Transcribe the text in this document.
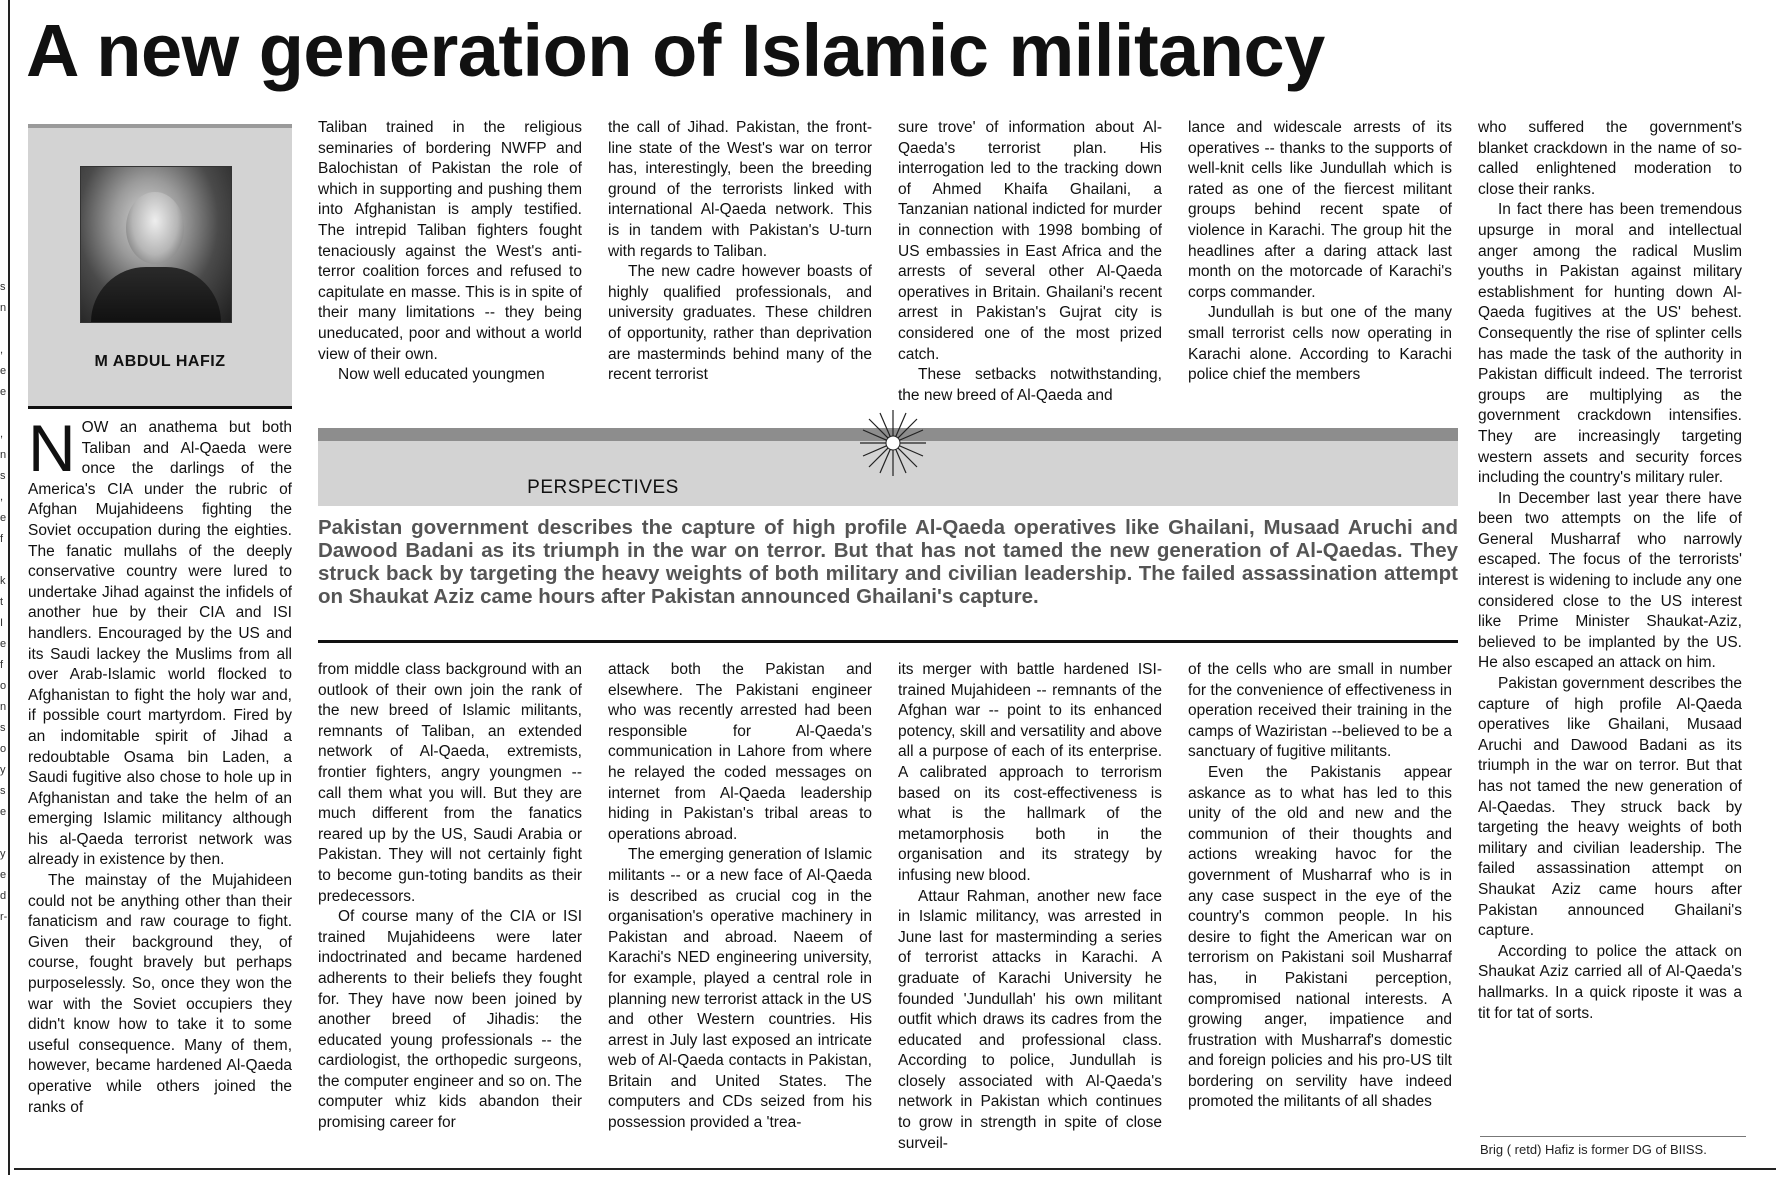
s
n
,
e
e
,
n
s
,
e
f
k
t
I
e
f
o
n
s
o
y
s
e
y
e
d
r-
A new generation of Islamic militancy
M ABDUL HAFIZ

NOW an anathema but both Taliban and Al-Qaeda were once the darlings of the America's CIA under the rubric of Afghan Mujahideens fighting the Soviet occupation during the eighties. The fanatic mullahs of the deeply conservative country were lured to undertake Jihad against the infidels of another hue by their CIA and ISI handlers. Encouraged by the US and its Saudi lackey the Muslims from all over Arab-Islamic world flocked to Afghanistan to fight the holy war and, if possible court martyrdom. Fired by an indomitable spirit of Jihad a redoubtable Osama bin Laden, a Saudi fugitive also chose to hole up in Afghanistan and take the helm of an emerging Islamic militancy although his al-Qaeda terrorist network was already in existence by then.

The mainstay of the Mujahideen could not be anything other than their fanaticism and raw courage to fight. Given their background they, of course, fought bravely but perhaps purposelessly. So, once they won the war with the Soviet occupiers they didn't know how to take it to some useful consequence. Many of them, however, became hardened Al-Qaeda operative while others joined the ranks of

Taliban trained in the religious seminaries of bordering NWFP and Balochistan of Pakistan the role of which in supporting and pushing them into Afghanistan is amply testified. The intrepid Taliban fighters fought tenaciously against the West's anti-terror coalition forces and refused to capitulate en masse. This is in spite of their many limitations -- they being uneducated, poor and without a world view of their own.

Now well educated youngmen

the call of Jihad. Pakistan, the front-line state of the West's war on terror has, interestingly, been the breeding ground of the terrorists linked with international Al-Qaeda network. This is in tandem with Pakistan's U-turn with regards to Taliban.

The new cadre however boasts of highly qualified professionals, and university graduates. These children of opportunity, rather than deprivation are masterminds behind many of the recent terrorist

sure trove' of information about Al-Qaeda's terrorist plan. His interrogation led to the tracking down of Ahmed Khaifa Ghailani, a Tanzanian national indicted for murder in connection with 1998 bombing of US embassies in East Africa and the arrests of several other Al-Qaeda operatives in Britain. Ghailani's recent arrest in Pakistan's Gujrat city is considered one of the most prized catch.

These setbacks notwithstanding, the new breed of Al-Qaeda and

lance and widescale arrests of its operatives -- thanks to the supports of well-knit cells like Jundullah which is rated as one of the fiercest militant groups behind recent spate of violence in Karachi. The group hit the headlines after a daring attack last month on the motorcade of Karachi's corps commander.

Jundullah is but one of the many small terrorist cells now operating in Karachi alone. According to Karachi police chief the members

who suffered the government's blanket crackdown in the name of so-called enlightened moderation to close their ranks.

In fact there has been tremendous upsurge in moral and intellectual anger among the radical Muslim youths in Pakistan against military establishment for hunting down Al-Qaeda fugitives at the US' behest. Consequently the rise of splinter cells has made the task of the authority in Pakistan difficult indeed. The terrorist groups are multiplying as the government crackdown intensifies. They are increasingly targeting western assets and security forces including the country's military ruler.

In December last year there have been two attempts on the life of General Musharraf who narrowly escaped. The focus of the terrorists' interest is widening to include any one considered close to the US interest like Prime Minister Shaukat-Aziz, believed to be implanted by the US. He also escaped an attack on him.

Pakistan government describes the capture of high profile Al-Qaeda operatives like Ghailani, Musaad Aruchi and Dawood Badani as its triumph in the war on terror. But that has not tamed the new generation of Al-Qaedas. They struck back by targeting the heavy weights of both military and civilian leadership. The failed assassination attempt on Shaukat Aziz came hours after Pakistan announced Ghailani's capture.

According to police the attack on Shaukat Aziz carried all of Al-Qaeda's hallmarks. In a quick riposte it was a tit for tat of sorts.

PERSPECTIVES

Pakistan government describes the capture of high profile Al-Qaeda operatives like Ghailani, Musaad Aruchi and Dawood Badani as its triumph in the war on terror. But that has not tamed the new generation of Al-Qaedas. They struck back by targeting the heavy weights of both military and civilian leadership. The failed assassination attempt on Shaukat Aziz came hours after Pakistan announced Ghailani's capture.

from middle class background with an outlook of their own join the rank of the new breed of Islamic militants, remnants of Taliban, an extended network of Al-Qaeda, extremists, frontier fighters, angry youngmen -- call them what you will. But they are much different from the fanatics reared up by the US, Saudi Arabia or Pakistan. They will not certainly fight to become gun-toting bandits as their predecessors.

Of course many of the CIA or ISI trained Mujahideens were later indoctrinated and became hardened adherents to their beliefs they fought for. They have now been joined by another breed of Jihadis: the educated young professionals -- the cardiologist, the orthopedic surgeons, the computer engineer and so on. The computer whiz kids abandon their promising career for

attack both the Pakistan and elsewhere. The Pakistani engineer who was recently arrested had been responsible for Al-Qaeda's communication in Lahore from where he relayed the coded messages on internet from Al-Qaeda leadership hiding in Pakistan's tribal areas to operations abroad.

The emerging generation of Islamic militants -- or a new face of Al-Qaeda is described as crucial cog in the organisation's operative machinery in Pakistan and abroad. Naeem of Karachi's NED engineering university, for example, played a central role in planning new terrorist attack in the US and other Western countries. His arrest in July last exposed an intricate web of Al-Qaeda contacts in Pakistan, Britain and United States. The computers and CDs seized from his possession provided a 'trea-

its merger with battle hardened ISI-trained Mujahideen -- remnants of the Afghan war -- point to its enhanced potency, skill and versatility and above all a purpose of each of its enterprise. A calibrated approach to terrorism based on its cost-effectiveness is what is the hallmark of the metamorphosis both in the organisation and its strategy by infusing new blood.

Attaur Rahman, another new face in Islamic militancy, was arrested in June last for masterminding a series of terrorist attacks in Karachi. A graduate of Karachi University he founded 'Jundullah' his own militant outfit which draws its cadres from the educated and professional class. According to police, Jundullah is closely associated with Al-Qaeda's network in Pakistan which continues to grow in strength in spite of close surveil-

of the cells who are small in number for the convenience of effectiveness in operation received their training in the camps of Waziristan --believed to be a sanctuary of fugitive militants.

Even the Pakistanis appear askance as to what has led to this unity of the old and new and the communion of their thoughts and actions wreaking havoc for the government of Musharraf who is in any case suspect in the eye of the country's common people. In his desire to fight the American war on terrorism on Pakistani soil Musharraf has, in Pakistani perception, compromised national interests. A growing anger, impatience and frustration with Musharraf's domestic and foreign policies and his pro-US tilt bordering on servility have indeed promoted the militants of all shades

Brig ( retd) Hafiz is former DG of BIISS.
